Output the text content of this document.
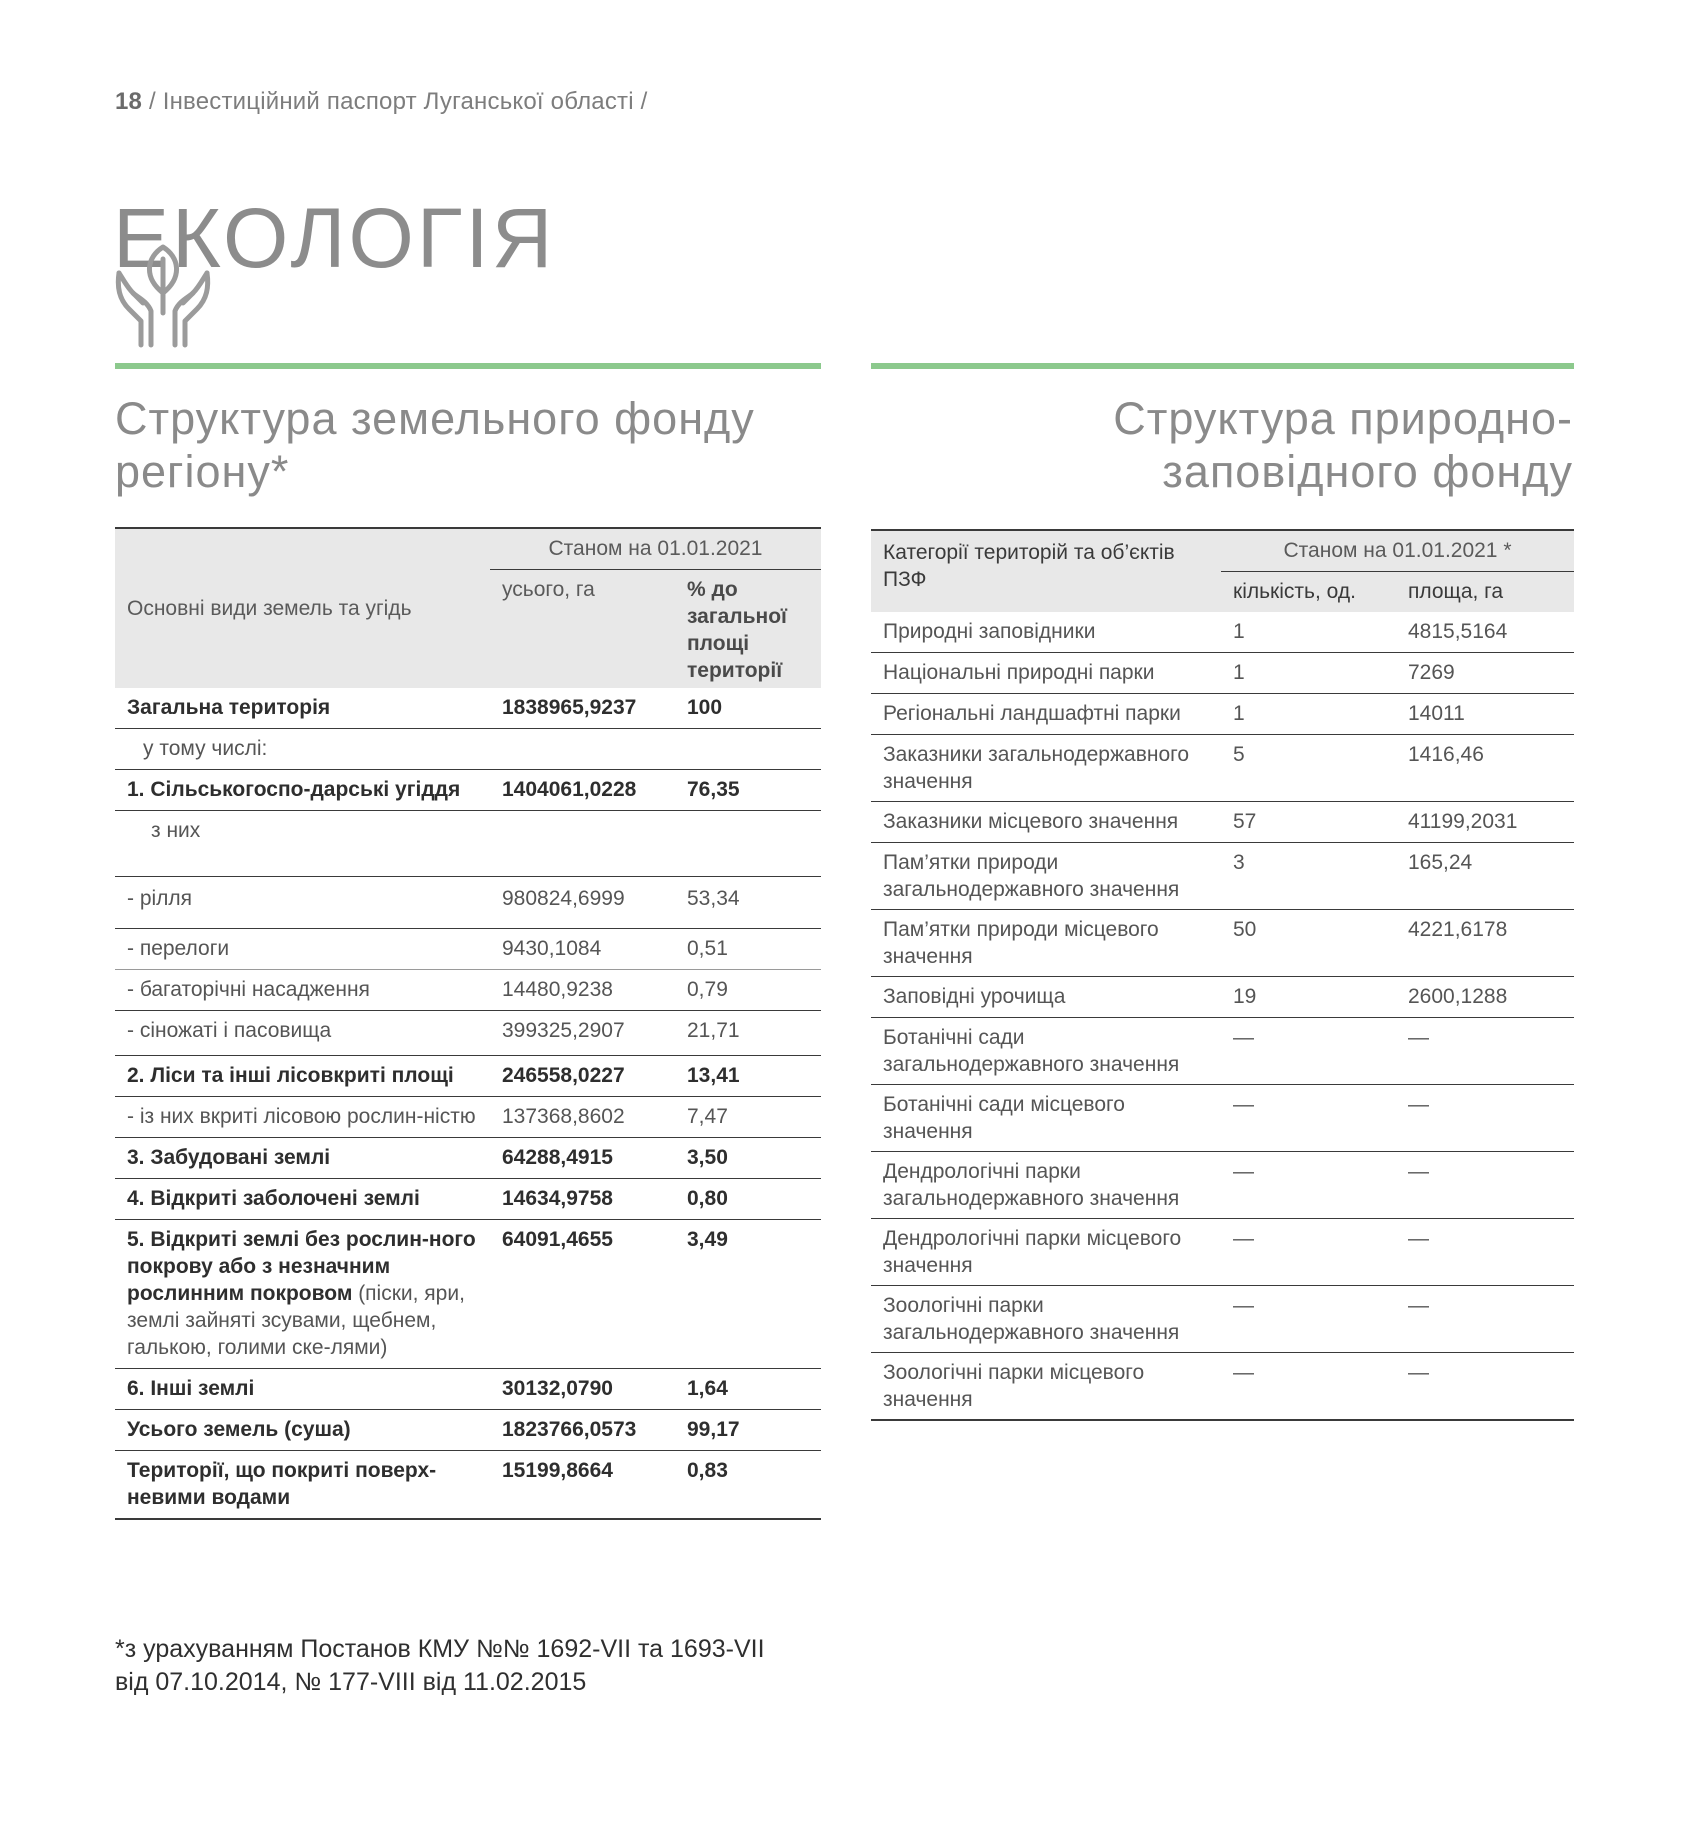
18 / Інвестиційний паспорт Луганської області /
ЕКОЛОГІЯ
Структура земельного фонду
регіону*
Структура природно-
заповідного фонду
Основні види земель та угідь	Станом на 01.01.2021	
	усього, га	% до загальної площі території
Загальна територія	1838965,9237	100
у тому числі:		
1. Сільськогоспо-дарські угіддя	1404061,0228	76,35
з них		
- рілля	980824,6999	53,34
- перелоги	9430,1084	0,51
- багаторічні насадження	14480,9238	0,79
- сіножаті і пасовища	399325,2907	21,71
2. Ліси та інші лісовкриті площі	246558,0227	13,41
- із них вкриті лісовою рослин-ністю	137368,8602	7,47
3. Забудовані землі	64288,4915	3,50
4. Відкриті заболочені землі	14634,9758	0,80
5. Відкриті землі без рослин-ного покрову або з незначним рослинним покровом (піски, яри, землі зайняті зсувами, щебнем, галькою, голими ске-лями)	64091,4655	3,49
6. Інші землі	30132,0790	1,64
Усього земель (суша)	1823766,0573	99,17
Території, що покриті поверх-невими водами	15199,8664	0,83
Категорії територій та об’єктів ПЗФ	Станом на 01.01.2021 *	
	кількість, од.	площа, га
Природні заповідники	1	4815,5164
Національні природні парки	1	7269
Регіональні ландшафтні парки	1	14011
Заказники загальнодержавного значення	5	1416,46
Заказники місцевого значення	57	41199,2031
Пам’ятки природи загальнодержавного значення	3	165,24
Пам’ятки природи місцевого значення	50	4221,6178
Заповідні урочища	19	2600,1288
Ботанічні сади загальнодержавного значення	—	—
Ботанічні сади місцевого значення	—	—
Дендрологічні парки загальнодержавного значення	—	—
Дендрологічні парки місцевого значення	—	—
Зоологічні парки загальнодержавного значення	—	—
Зоологічні парки місцевого значення	—	—
*з урахуванням Постанов КМУ №№ 1692-VII та 1693-VII
від 07.10.2014, № 177-VIII від 11.02.2015
